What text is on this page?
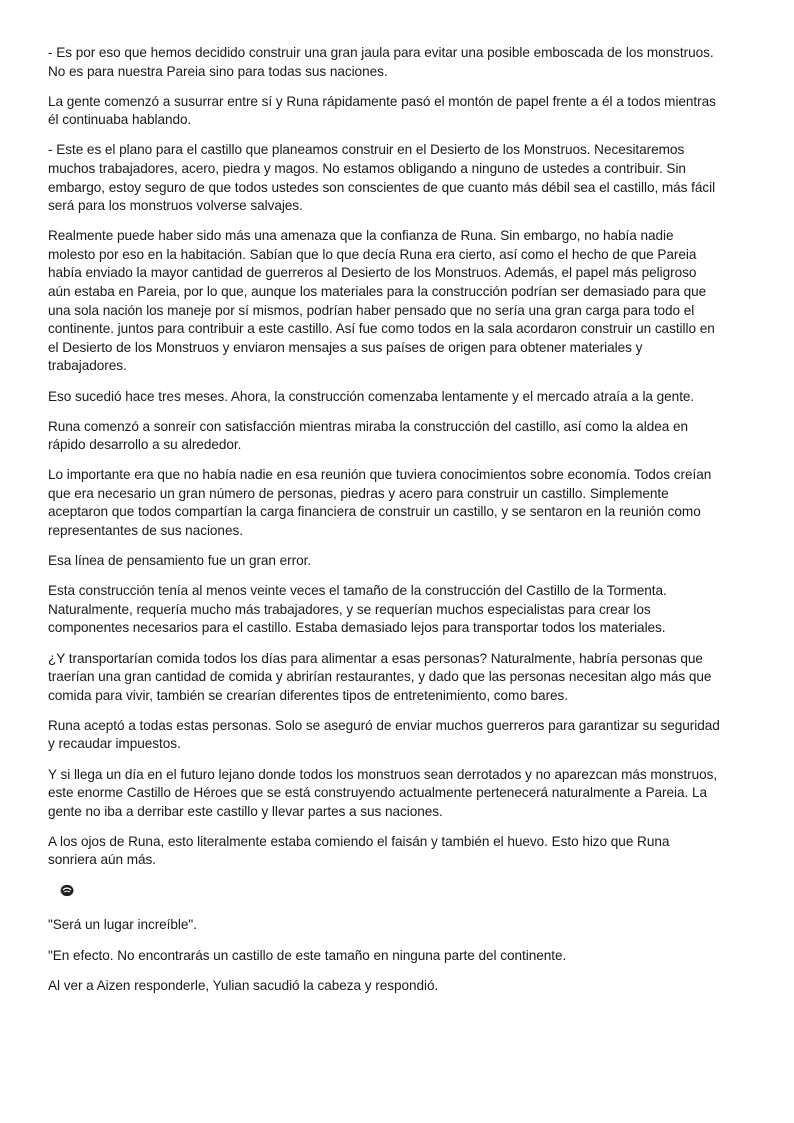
- Es por eso que hemos decidido construir una gran jaula para evitar una posible emboscada de los monstruos.
No es para nuestra Pareia sino para todas sus naciones.

La gente comenzó a susurrar entre sí y Runa rápidamente pasó el montón de papel frente a él a todos mientras
él continuaba hablando.

- Este es el plano para el castillo que planeamos construir en el Desierto de los Monstruos. Necesitaremos
muchos trabajadores, acero, piedra y magos. No estamos obligando a ninguno de ustedes a contribuir. Sin
embargo, estoy seguro de que todos ustedes son conscientes de que cuanto más débil sea el castillo, más fácil
será para los monstruos volverse salvajes.

Realmente puede haber sido más una amenaza que la confianza de Runa. Sin embargo, no había nadie
molesto por eso en la habitación. Sabían que lo que decía Runa era cierto, así como el hecho de que Pareia
había enviado la mayor cantidad de guerreros al Desierto de los Monstruos. Además, el papel más peligroso
aún estaba en Pareia, por lo que, aunque los materiales para la construcción podrían ser demasiado para que
una sola nación los maneje por sí mismos, podrían haber pensado que no sería una gran carga para todo el
continente. juntos para contribuir a este castillo. Así fue como todos en la sala acordaron construir un castillo en
el Desierto de los Monstruos y enviaron mensajes a sus países de origen para obtener materiales y
trabajadores.

Eso sucedió hace tres meses. Ahora, la construcción comenzaba lentamente y el mercado atraía a la gente.

Runa comenzó a sonreír con satisfacción mientras miraba la construcción del castillo, así como la aldea en
rápido desarrollo a su alrededor.

Lo importante era que no había nadie en esa reunión que tuviera conocimientos sobre economía. Todos creían
que era necesario un gran número de personas, piedras y acero para construir un castillo. Simplemente
aceptaron que todos compartían la carga financiera de construir un castillo, y se sentaron en la reunión como
representantes de sus naciones.

Esa línea de pensamiento fue un gran error.

Esta construcción tenía al menos veinte veces el tamaño de la construcción del Castillo de la Tormenta.
Naturalmente, requería mucho más trabajadores, y se requerían muchos especialistas para crear los
componentes necesarios para el castillo. Estaba demasiado lejos para transportar todos los materiales.

¿Y transportarían comida todos los días para alimentar a esas personas? Naturalmente, habría personas que
traerían una gran cantidad de comida y abrirían restaurantes, y dado que las personas necesitan algo más que
comida para vivir, también se crearían diferentes tipos de entretenimiento, como bares.

Runa aceptó a todas estas personas. Solo se aseguró de enviar muchos guerreros para garantizar su seguridad
y recaudar impuestos.

Y si llega un día en el futuro lejano donde todos los monstruos sean derrotados y no aparezcan más monstruos,
este enorme Castillo de Héroes que se está construyendo actualmente pertenecerá naturalmente a Pareia. La
gente no iba a derribar este castillo y llevar partes a sus naciones.

A los ojos de Runa, esto literalmente estaba comiendo el faisán y también el huevo. Esto hizo que Runa
sonriera aún más.

"Será un lugar increíble".

"En efecto. No encontrarás un castillo de este tamaño en ninguna parte del continente.

Al ver a Aizen responderle, Yulian sacudió la cabeza y respondió.
